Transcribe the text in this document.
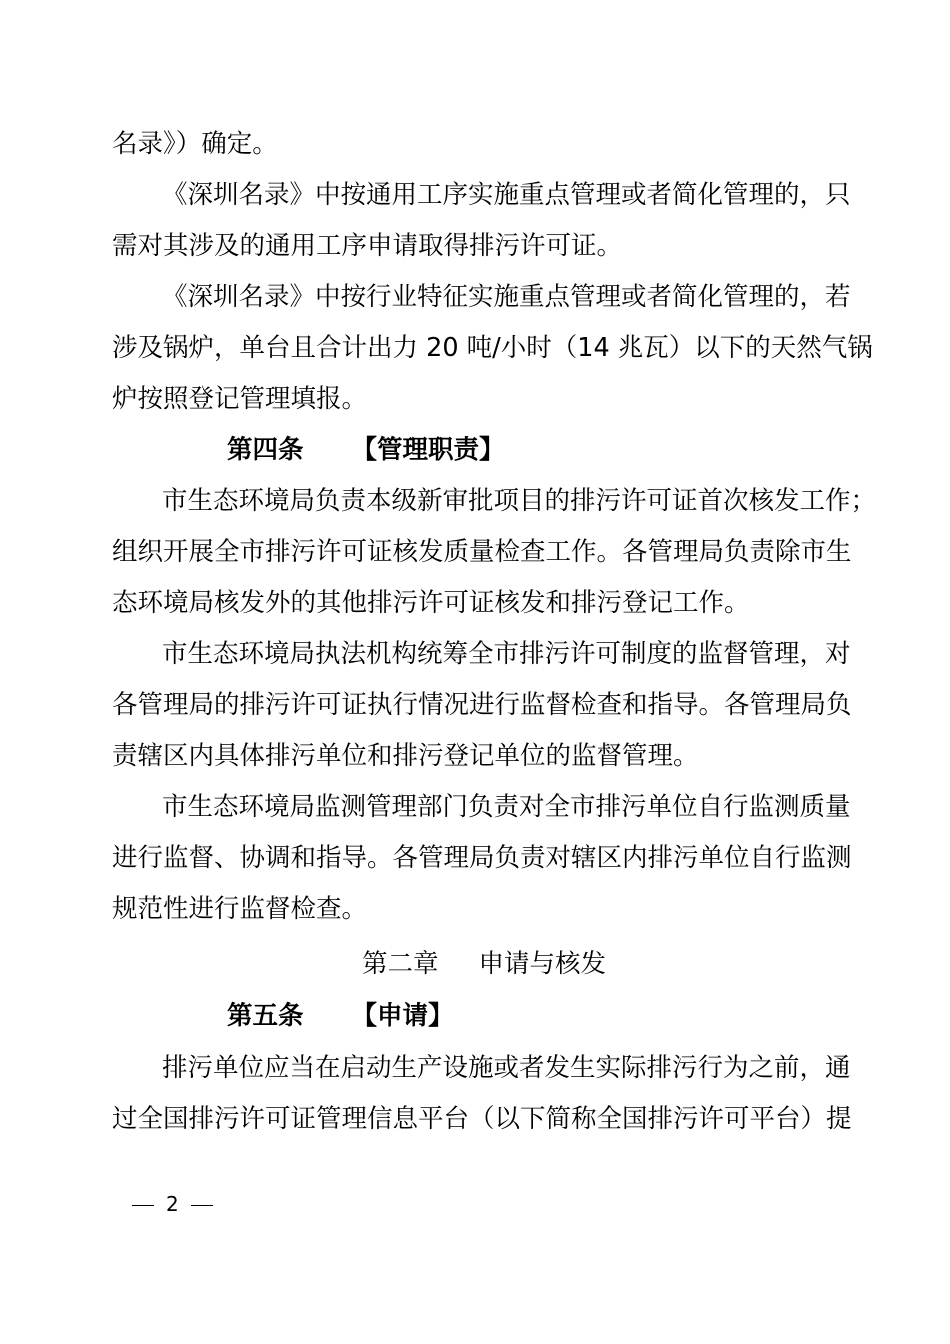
名录》）确定。
《深圳名录》中按通用工序实施重点管理或者简化管理的，只
需对其涉及的通用工序申请取得排污许可证。
《深圳名录》中按行业特征实施重点管理或者简化管理的，若
涉及锅炉，单台且合计出力 20 吨/小时（14 兆瓦）以下的天然气锅
炉按照登记管理填报。
第四条 【管理职责】
市生态环境局负责本级新审批项目的排污许可证首次核发工作；
组织开展全市排污许可证核发质量检查工作。各管理局负责除市生
态环境局核发外的其他排污许可证核发和排污登记工作。
市生态环境局执法机构统筹全市排污许可制度的监督管理，对
各管理局的排污许可证执行情况进行监督检查和指导。各管理局负
责辖区内具体排污单位和排污登记单位的监督管理。
市生态环境局监测管理部门负责对全市排污单位自行监测质量
进行监督、协调和指导。各管理局负责对辖区内排污单位自行监测
规范性进行监督检查。
第二章 申请与核发
第五条 【申请】
排污单位应当在启动生产设施或者发生实际排污行为之前，通
过全国排污许可证管理信息平台（以下简称全国排污许可平台）提
2
